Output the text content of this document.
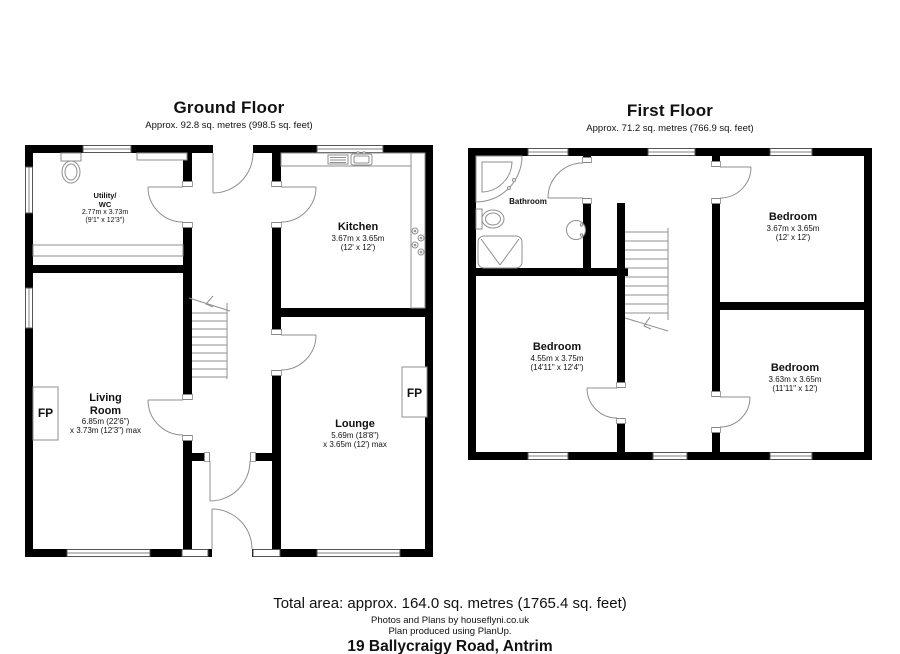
Ground Floor
Approx. 92.8 sq. metres (998.5 sq. feet)
First Floor
Approx. 71.2 sq. metres (766.9 sq. feet)
Utility/
WC
2.77m x 3.73m
(9'1" x 12'3")
Kitchen
3.67m x 3.65m
(12' x 12')
Living
Room
6.85m (22'6")
x 3.73m (12'3") max
Lounge
5.69m (18'8")
x 3.65m (12') max
FP
FP
Bathroom
Bedroom
3.67m x 3.65m
(12' x 12')
Bedroom
4.55m x 3.75m
(14'11" x 12'4")	Bedroom
3.63m x 3.65m
(11'11" x 12')
Total area: approx. 164.0 sq. metres (1765.4 sq. feet)
Photos and Plans by houseflyni.co.uk
Plan produced using PlanUp.
19 Ballycraigy Road, Antrim
